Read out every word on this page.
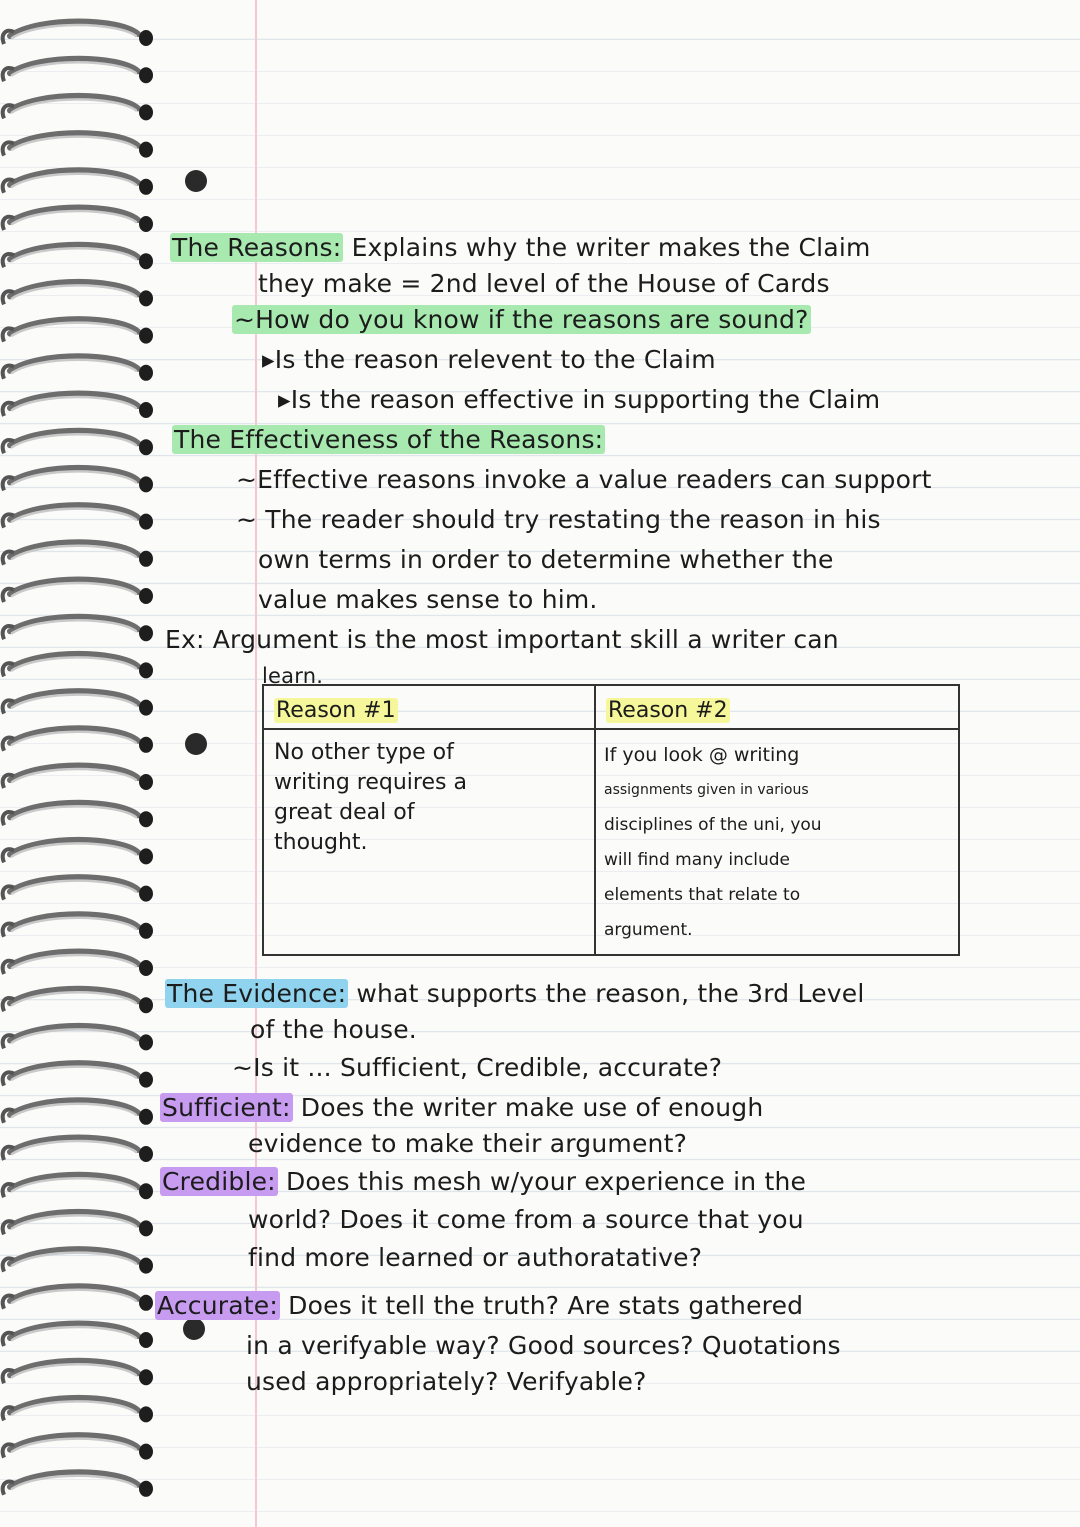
The Reasons: Explains why the writer makes the Claim
they make = 2nd level of the House of Cards
~How do you know if the reasons are sound?
▸Is the reason relevent to the Claim
▸Is the reason effective in supporting the Claim
The Effectiveness of the Reasons:
~Effective reasons invoke a value readers can support
~ The reader should try restating the reason in his
own terms in order to determine whether the
value makes sense to him.
Ex: Argument is the most important skill a writer can
learn.
Reason #1	Reason #2
No other type of
writing requires a
great deal of
thought.
If you look @ writing
assignments given in various
disciplines of the uni, you
will find many include
elements that relate to
argument.
The Evidence: what supports the reason, the 3rd Level
of the house.
~Is it ... Sufficient, Credible, accurate?
Sufficient: Does the writer make use of enough
evidence to make their argument?
Credible: Does this mesh w/your experience in the
world? Does it come from a source that you
find more learned or authoratative?
Accurate: Does it tell the truth? Are stats gathered
in a verifyable way? Good sources? Quotations
used appropriately? Verifyable?
